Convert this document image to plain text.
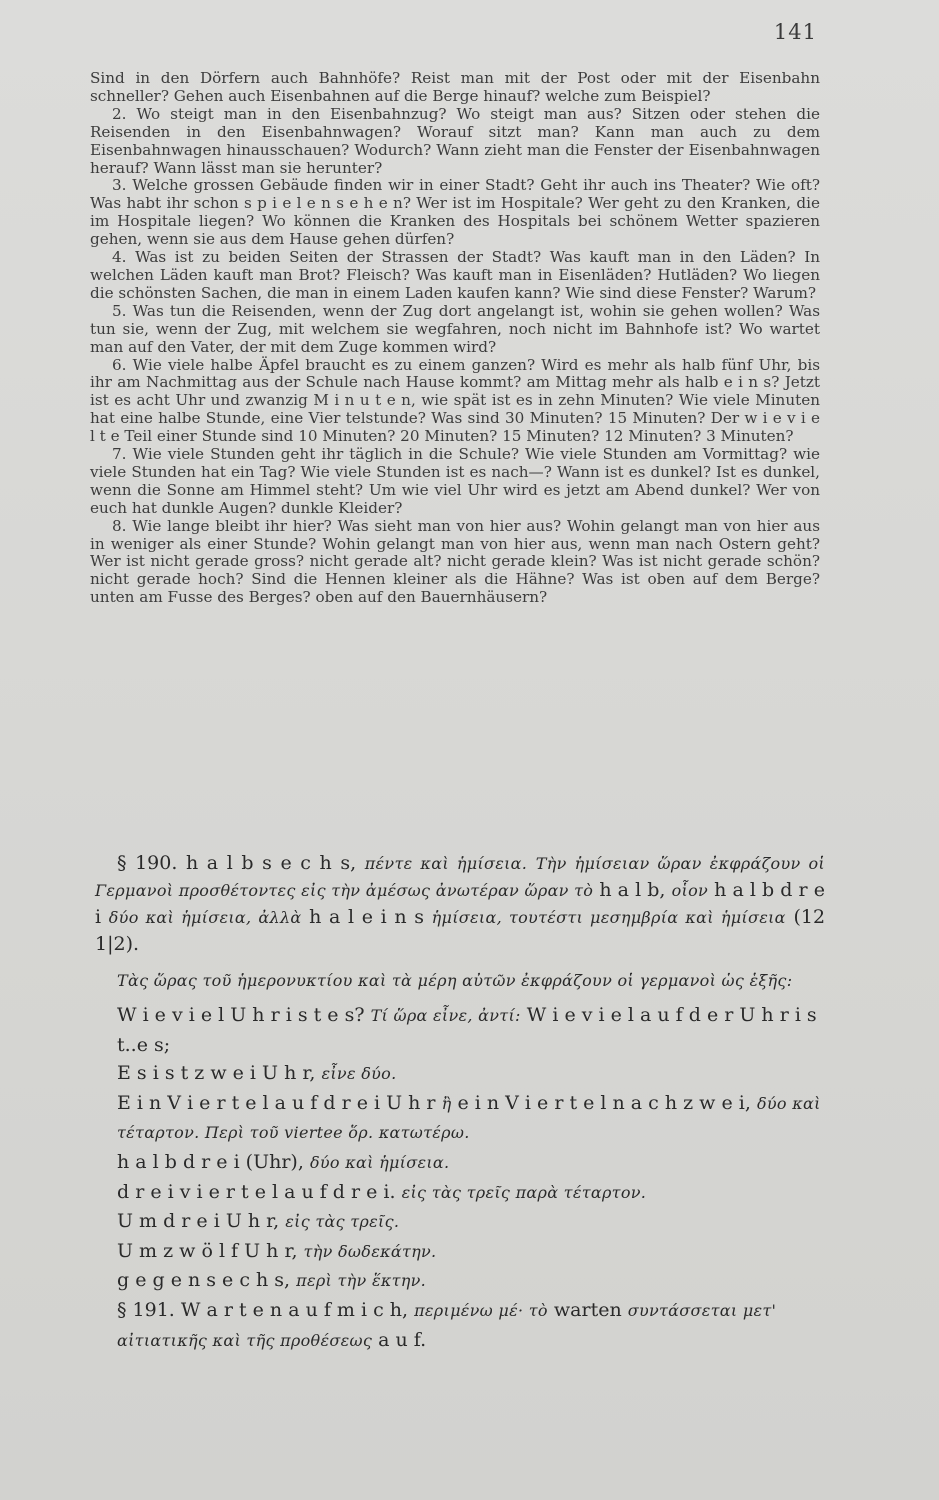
141

Sind in den Dörfern auch Bahnhöfe? Reist man mit der Post oder mit der Eisenbahn schneller? Gehen auch Eisenbahnen auf die Berge hinauf? welche zum Beispiel?

2. Wo steigt man in den Eisenbahnzug? Wo steigt man aus? Sitzen oder stehen die Reisenden in den Eisenbahnwagen? Worauf sitzt man? Kann man auch zu dem Eisenbahnwagen hinausschauen? Wodurch? Wann zieht man die Fenster der Eisenbahnwagen herauf? Wann lässt man sie herunter?

3. Welche grossen Gebäude finden wir in einer Stadt? Geht ihr auch ins Theater? Wie oft? Was habt ihr schon s p i e l e n s e h e n? Wer ist im Hospitale? Wer geht zu den Kranken, die im Hospitale liegen? Wo können die Kranken des Hospitals bei schönem Wetter spazieren gehen, wenn sie aus dem Hause gehen dürfen?

4. Was ist zu beiden Seiten der Strassen der Stadt? Was kauft man in den Läden? In welchen Läden kauft man Brot? Fleisch? Was kauft man in Eisenläden? Hutläden? Wo liegen die schönsten Sachen, die man in einem Laden kaufen kann? Wie sind diese Fenster? Warum?

5. Was tun die Reisenden, wenn der Zug dort angelangt ist, wohin sie gehen wollen? Was tun sie, wenn der Zug, mit welchem sie wegfahren, noch nicht im Bahnhofe ist? Wo wartet man auf den Vater, der mit dem Zuge kommen wird?

6. Wie viele halbe Äpfel braucht es zu einem ganzen? Wird es mehr als halb fünf Uhr, bis ihr am Nachmittag aus der Schule nach Hause kommt? am Mittag mehr als halb e i n s? Jetzt ist es acht Uhr und zwanzig M i n u t e n, wie spät ist es in zehn Minuten? Wie viele Minuten hat eine halbe Stunde, eine Vier telstunde? Was sind 30 Minuten? 15 Minuten? Der w i e v i e l t e Teil einer Stunde sind 10 Minuten? 20 Minuten? 15 Minuten? 12 Minuten? 3 Minuten?

7. Wie viele Stunden geht ihr täglich in die Schule? Wie viele Stunden am Vormittag? wie viele Stunden hat ein Tag? Wie viele Stunden ist es nach—? Wann ist es dunkel? Ist es dunkel, wenn die Sonne am Himmel steht? Um wie viel Uhr wird es jetzt am Abend dunkel? Wer von euch hat dunkle Augen? dunkle Kleider?

8. Wie lange bleibt ihr hier? Was sieht man von hier aus? Wohin gelangt man von hier aus in weniger als einer Stunde? Wohin gelangt man von hier aus, wenn man nach Ostern geht? Wer ist nicht gerade gross? nicht gerade alt? nicht gerade klein? Was ist nicht gerade schön? nicht gerade hoch? Sind die Hennen kleiner als die Hähne? Was ist oben auf dem Berge? unten am Fusse des Berges? oben auf den Bauernhäusern?

§ 190. h a l b s e c h s, πέντε καὶ ἡμίσεια. Τὴν ἡμίσειαν ὥραν ἐκφράζουν οἱ Γερμανοὶ προσθέτοντες εἰς τὴν ἀμέσως ἀνωτέραν ὥραν τὸ h a l b, οἷον h a l b d r e i δύο καὶ ἡμίσεια, ἀλλὰ h a l e i n s ἡμίσεια, τουτέστι μεσημβρία καὶ ἡμίσεια (12 1|2).

Τὰς ὥρας τοῦ ἡμερονυκτίου καὶ τὰ μέρη αὐτῶν ἐκφράζουν οἱ γερμανοὶ ὡς ἑξῆς:

W i e v i e l U h r i s t e s? Τί ὥρα εἶνε, ἀντί: W i e v i e l a u f d e r U h r i s t..e s;
E s i s t z w e i U h r, εἶνε δύο.
E i n V i e r t e l a u f d r e i U h r ἢ e i n V i e r t e l n a c h z w e i, δύο καὶ τέταρτον. Περὶ τοῦ viertee ὅρ. κατωτέρω.
h a l b d r e i (Uhr), δύο καὶ ἡμίσεια.
d r e i v i e r t e l a u f d r e i. εἰς τὰς τρεῖς παρὰ τέταρτον.
U m d r e i U h r, εἰς τὰς τρεῖς.
U m z w ö l f U h r, τὴν δωδεκάτην.
g e g e n s e c h s, περὶ τὴν ἕκτην.
§ 191. W a r t e n a u f m i c h, περιμένω μέ· τὸ warten συντάσσεται μετ' αἰτιατικῆς καὶ τῆς προθέσεως a u f.
